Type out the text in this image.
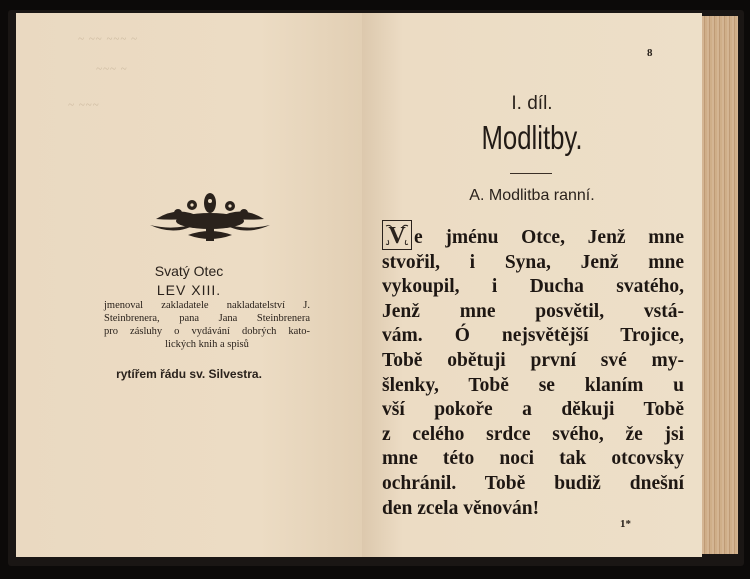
~ ~~ ~~~ ~
~~~ ~
~ ~~~
Svatý Otec
LEV XIII.
jmenoval zakladatele nakladatelství J.
Steinbrenera, pana Jana Steinbrenera
pro zásluhy o vydávání dobrých kato-
lických knih a spisů
rytířem řádu sv. Silvestra.
8
I. díl.
Modlitby.
A. Modlitba ranní.
V e jménu Otce, Jenž mne
stvořil, i Syna, Jenž mne
vykoupil, i Ducha svatého,
Jenž mne posvětil, vstá-
vám. Ó nejsvětější Trojice,
Tobě obětuji první své my-
šlenky, Tobě se klaním u
vší pokoře a děkuji Tobě
z celého srdce svého, že jsi
mne této noci tak otcovsky
ochránil. Tobě budiž dnešní
den zcela věnován!
1*
